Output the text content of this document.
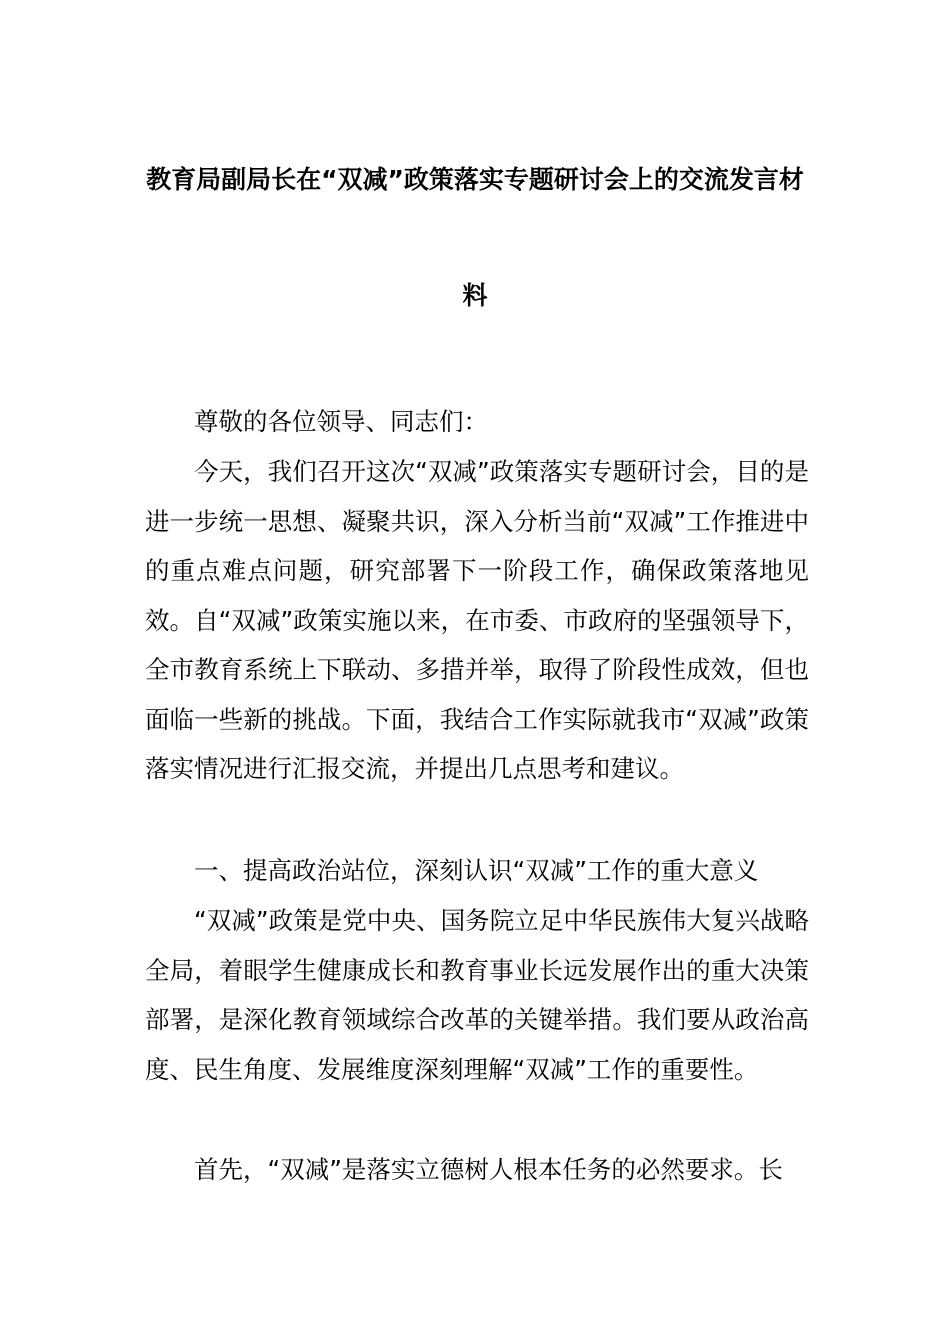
教育局副局长在“双减”政策落实专题研讨会上的交流发言材
料
尊敬的各位领导、同志们：
今天，我们召开这次“双减”政策落实专题研讨会，目的是进一步统一思想、凝聚共识，深入分析当前“双减”工作推进中的重点难点问题，研究部署下一阶段工作，确保政策落地见效。自“双减”政策实施以来，在市委、市政府的坚强领导下，全市教育系统上下联动、多措并举，取得了阶段性成效，但也面临一些新的挑战。下面，我结合工作实际就我市“双减”政策落实情况进行汇报交流，并提出几点思考和建议。
一、提高政治站位，深刻认识“双减”工作的重大意义
“双减”政策是党中央、国务院立足中华民族伟大复兴战略全局，着眼学生健康成长和教育事业长远发展作出的重大决策部署，是深化教育领域综合改革的关键举措。我们要从政治高度、民生角度、发展维度深刻理解“双减”工作的重要性。
首先，“双减”是落实立德树人根本任务的必然要求。长
